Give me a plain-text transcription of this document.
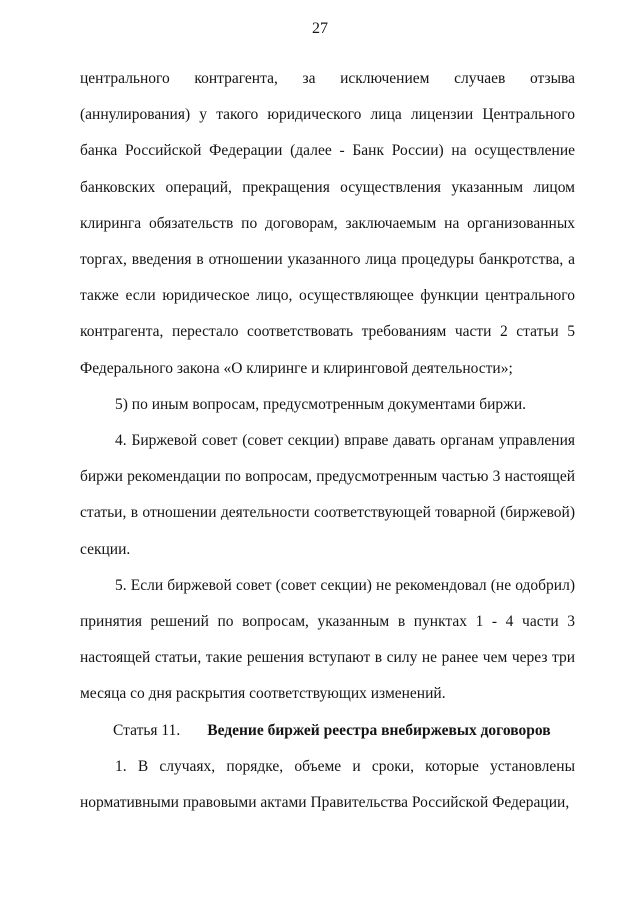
27
центрального контрагента, за исключением случаев отзыва
(аннулирования) у такого юридического лица лицензии Центрального
банка Российской Федерации (далее - Банк России) на осуществление
банковских операций, прекращения осуществления указанным лицом
клиринга обязательств по договорам, заключаемым на организованных
торгах, введения в отношении указанного лица процедуры банкротства, а
также если юридическое лицо, осуществляющее функции центрального
контрагента, перестало соответствовать требованиям части 2 статьи 5
Федерального закона «О клиринге и клиринговой деятельности»;
5) по иным вопросам, предусмотренным документами биржи.
4. Биржевой совет (совет секции) вправе давать органам управления
биржи рекомендации по вопросам, предусмотренным частью 3 настоящей
статьи, в отношении деятельности соответствующей товарной (биржевой)
секции.
5. Если биржевой совет (совет секции) не рекомендовал (не одобрил)
принятия решений по вопросам, указанным в пунктах 1 - 4 части 3
настоящей статьи, такие решения вступают в силу не ранее чем через три
месяца со дня раскрытия соответствующих изменений.
Статья 11. Ведение биржей реестра внебиржевых договоров
1. В случаях, порядке, объеме и сроки, которые установлены
нормативными правовыми актами Правительства Российской Федерации,
